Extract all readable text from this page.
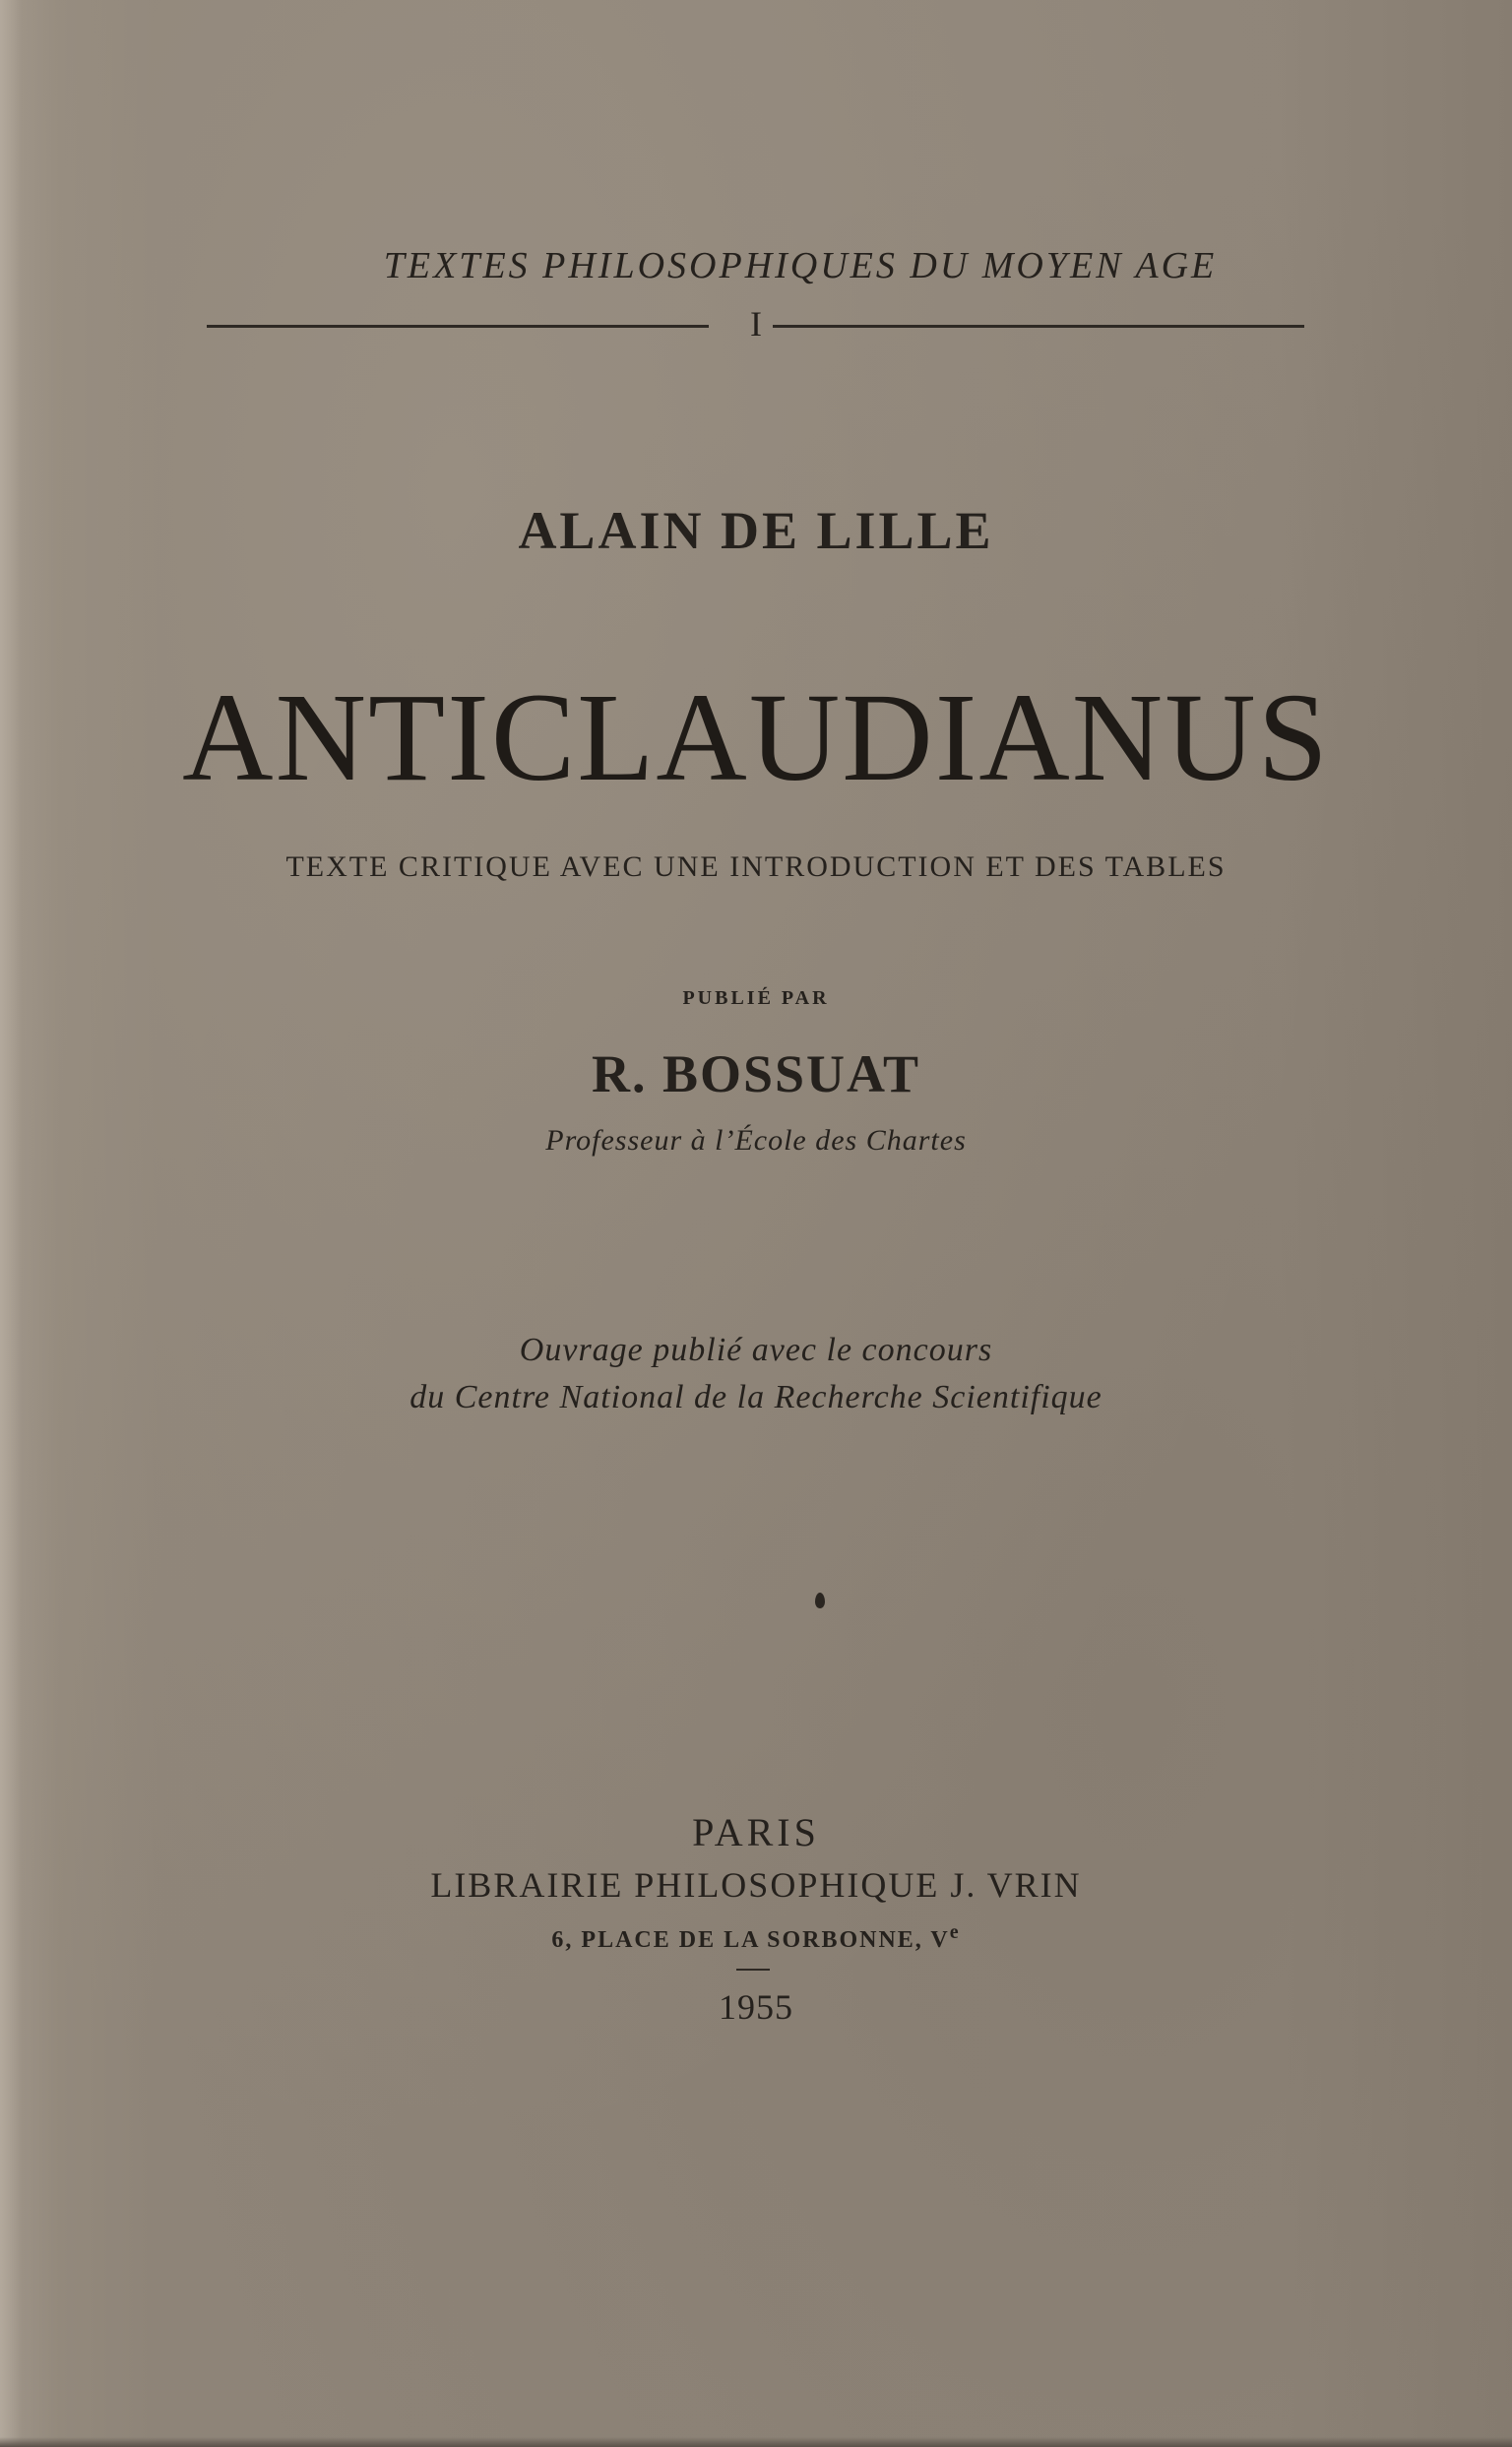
TEXTES PHILOSOPHIQUES DU MOYEN AGE
I
ALAIN DE LILLE
ANTICLAUDIANUS
TEXTE CRITIQUE AVEC UNE INTRODUCTION ET DES TABLES
PUBLIÉ PAR
R. BOSSUAT
Professeur à l’École des Chartes
Ouvrage publié avec le concours
du Centre National de la Recherche Scientifique
PARIS
LIBRAIRIE PHILOSOPHIQUE J. VRIN
6, PLACE DE LA SORBONNE, Ve
1955
